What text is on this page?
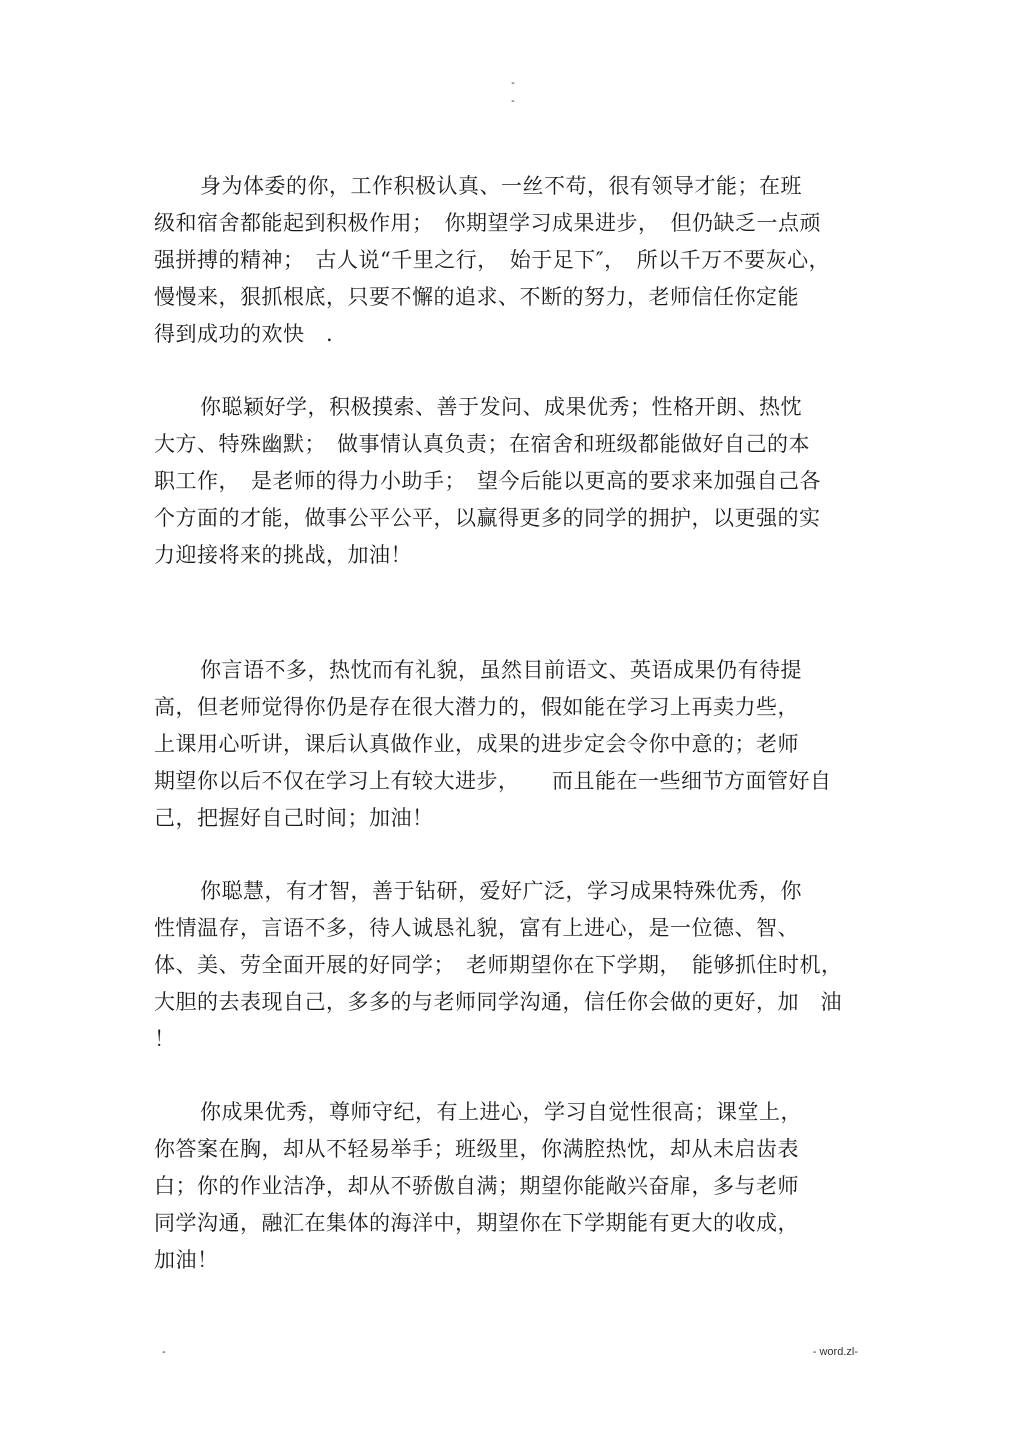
-
-

身为体委的你，工作积极认真、一丝不苟，很有领导才能；在班
级和宿舍都能起到积极作用；　你期望学习成果进步，　但仍缺乏一点顽
强拼搏的精神；　古人说“千里之行，　始于足下″，　所以千万不要灰心，
慢慢来，狠抓根底，只要不懈的追求、不断的努力，老师信任你定能
得到成功的欢快　.

你聪颖好学，积极摸索、善于发问、成果优秀；性格开朗、热忱
大方、特殊幽默；　做事情认真负责；在宿舍和班级都能做好自己的本
职工作，　是老师的得力小助手；　望今后能以更高的要求来加强自己各
个方面的才能，做事公平公平，以赢得更多的同学的拥护，以更强的实
力迎接将来的挑战，加油！

你言语不多，热忱而有礼貌，虽然目前语文、英语成果仍有待提
高，但老师觉得你仍是存在很大潜力的，假如能在学习上再卖力些，
上课用心听讲，课后认真做作业，成果的进步定会令你中意的；老师
期望你以后不仅在学习上有较大进步，　　而且能在一些细节方面管好自
己，把握好自己时间；加油！

你聪慧，有才智，善于钻研，爱好广泛，学习成果特殊优秀，你
性情温存，言语不多，待人诚恳礼貌，富有上进心，是一位德、智、
体、美、劳全面开展的好同学；　老师期望你在下学期，　能够抓住时机，
大胆的去表现自己，多多的与老师同学沟通，信任你会做的更好，加　油
！

你成果优秀，尊师守纪，有上进心，学习自觉性很高；课堂上，
你答案在胸，却从不轻易举手；班级里，你满腔热忱，却从未启齿表
白；你的作业洁净，却从不骄傲自满；期望你能敞兴奋扉，多与老师
同学沟通，融汇在集体的海洋中，期望你在下学期能有更大的收成，
加油！

-	- word.zl-
